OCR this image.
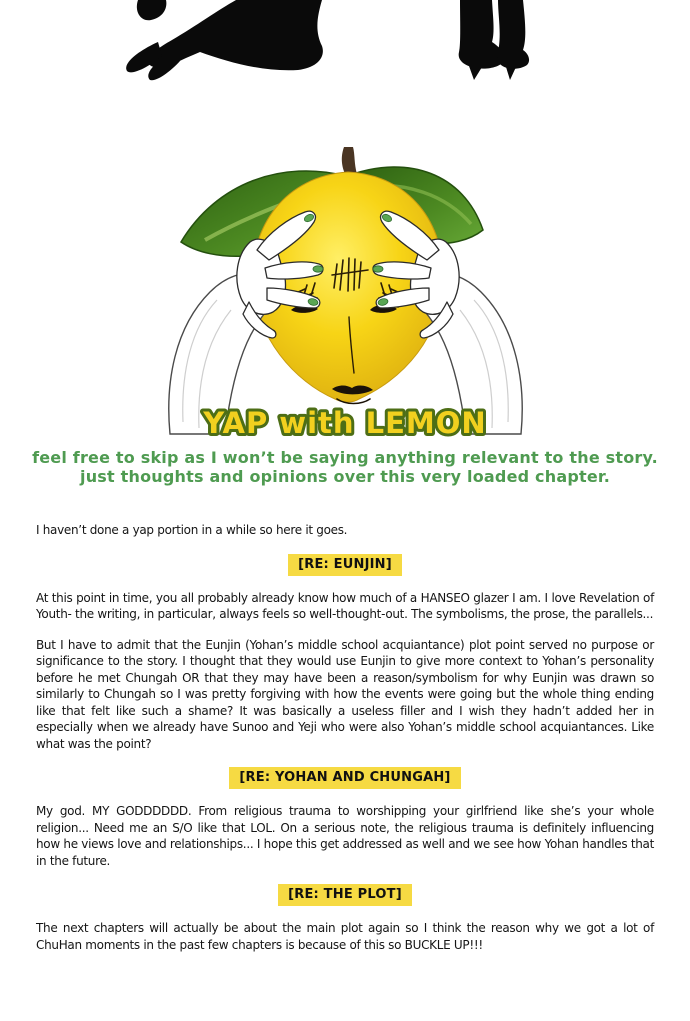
YAP with LEMON
feel free to skip as I won’t be saying anything relevant to the story.
just thoughts and opinions over this very loaded chapter.

I haven’t done a yap portion in a while so here it goes.

[RE: EUNJIN]

At this point in time, you all probably already know how much of a HANSEO glazer I am. I love Revelation of Youth- the writing, in particular, always feels so well-thought-out. The symbolisms, the prose, the parallels...

But I have to admit that the Eunjin (Yohan’s middle school acquiantance) plot point served no purpose or significance to the story. I thought that they would use Eunjin to give more context to Yohan’s personality before he met Chungah OR that they may have been a reason/symbolism for why Eunjin was drawn so similarly to Chungah so I was pretty forgiving with how the events were going but the whole thing ending like that felt like such a shame? It was basically a useless filler and I wish they hadn’t added her in especially when we already have Sunoo and Yeji who were also Yohan’s middle school acquiantances. Like what was the point?

[RE: YOHAN AND CHUNGAH]

My god. MY GODDDDDD. From religious trauma to worshipping your girlfriend like she’s your whole religion... Need me an S/O like that LOL. On a serious note, the religious trauma is definitely influencing how he views love and relationships... I hope this get addressed as well and we see how Yohan handles that in the future.

[RE: THE PLOT]

The next chapters will actually be about the main plot again so I think the reason why we got a lot of ChuHan moments in the past few chapters is because of this so BUCKLE UP!!!
